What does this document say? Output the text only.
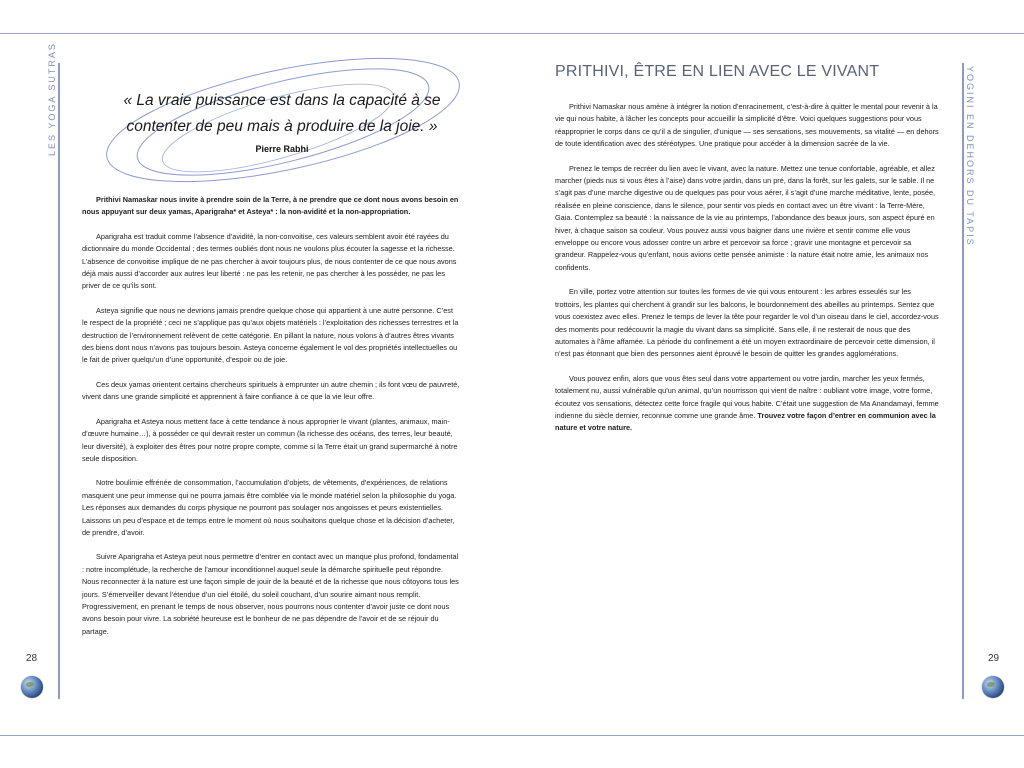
LES YOGA SUTRAS	« La vraie puissance est dans la capacité à se contenter de peu mais à produire de la joie. »
Pierre Rabhi

Prithivi Namaskar nous invite à prendre soin de la Terre, à ne prendre que ce dont nous avons besoin en nous appuyant sur deux yamas, Aparigraha* et Asteya* : la non-avidité et la non-appropriation.

Aparigraha est traduit comme l’absence d’avidité, la non-convoitise, ces valeurs semblent avoir été rayées du dictionnaire du monde Occidental ; des termes oubliés dont nous ne voulons plus écouter la sagesse et la richesse. L’absence de convoitise implique de ne pas chercher à avoir toujours plus, de nous contenter de ce que nous avons déjà mais aussi d’accorder aux autres leur liberté : ne pas les retenir, ne pas chercher à les posséder, ne pas les priver de ce qu’ils sont.

Asteya signifie que nous ne devrions jamais prendre quelque chose qui appartient à une autre personne. C’est le respect de la propriété ; ceci ne s’applique pas qu’aux objets matériels : l’exploitation des richesses terrestres et la destruction de l’environnement relèvent de cette catégorie. En pillant la nature, nous volons à d’autres êtres vivants des biens dont nous n’avons pas toujours besoin. Asteya concerne également le vol des propriétés intellectuelles ou le fait de priver quelqu’un d’une opportunité, d’espoir ou de joie.

Ces deux yamas orientent certains chercheurs spirituels à emprunter un autre chemin ; ils font vœu de pauvreté, vivent dans une grande simplicité et apprennent à faire confiance à ce que la vie leur offre.

Aparigraha et Asteya nous mettent face à cette tendance à nous approprier le vivant (plantes, animaux, main-d’œuvre humaine…), à posséder ce qui devrait rester un commun (la richesse des océans, des terres, leur beauté, leur diversité), à exploiter des êtres pour notre propre compte, comme si la Terre était un grand supermarché à notre seule disposition.

Notre boulimie effrénée de consommation, l’accumulation d’objets, de vêtements, d’expériences, de relations masquent une peur immense qui ne pourra jamais être comblée via le monde matériel selon la philosophie du yoga. Les réponses aux demandes du corps physique ne pourront pas soulager nos angoisses et peurs existentielles. Laissons un peu d’espace et de temps entre le moment où nous souhaitons quelque chose et la décision d’acheter, de prendre, d’avoir.

Suivre Aparigraha et Asteya peut nous permettre d’entrer en contact avec un manque plus profond, fondamental : notre incomplétude, la recherche de l’amour inconditionnel auquel seule la démarche spirituelle peut répondre. Nous reconnecter à la nature est une façon simple de jouir de la beauté et de la richesse que nous côtoyons tous les jours. S’émerveiller devant l’étendue d’un ciel étoilé, du soleil couchant, d’un sourire aimant nous remplit. Progressivement, en prenant le temps de nous observer, nous pourrons nous contenter d’avoir juste ce dont nous avons besoin pour vivre. La sobriété heureuse est le bonheur de ne pas dépendre de l’avoir et de se réjouir du partage.

28
PRITHIVI, ÊTRE EN LIEN AVEC LE VIVANT

Prithivi Namaskar nous amène à intégrer la notion d’enracinement, c’est-à-dire à quitter le mental pour revenir à la vie qui nous habite, à lâcher les concepts pour accueillir la simplicité d’être. Voici quelques suggestions pour vous réapproprier le corps dans ce qu’il a de singulier, d’unique — ses sensations, ses mouvements, sa vitalité — en dehors de toute identification avec des stéréotypes. Une pratique pour accéder à la dimension sacrée de la vie.

Prenez le temps de recréer du lien avec le vivant, avec la nature. Mettez une tenue confortable, agréable, et allez marcher (pieds nus si vous êtes à l’aise) dans votre jardin, dans un pré, dans la forêt, sur les galets, sur le sable. Il ne s’agit pas d’une marche digestive ou de quelques pas pour vous aérer, il s’agit d’une marche méditative, lente, posée, réalisée en pleine conscience, dans le silence, pour sentir vos pieds en contact avec un être vivant : la Terre-Mère, Gaia. Contemplez sa beauté : la naissance de la vie au printemps, l’abondance des beaux jours, son aspect épuré en hiver, à chaque saison sa couleur. Vous pouvez aussi vous baigner dans une rivière et sentir comme elle vous enveloppe ou encore vous adosser contre un arbre et percevoir sa force ; gravir une montagne et percevoir sa grandeur. Rappelez-vous qu’enfant, nous avions cette pensée animiste : la nature était notre amie, les animaux nos confidents.

En ville, portez votre attention sur toutes les formes de vie qui vous entourent : les arbres esseulés sur les trottoirs, les plantes qui cherchent à grandir sur les balcons, le bourdonnement des abeilles au printemps. Sentez que vous coexistez avec elles. Prenez le temps de lever la tête pour regarder le vol d’un oiseau dans le ciel, accordez-vous des moments pour redécouvrir la magie du vivant dans sa simplicité. Sans elle, il ne resterait de nous que des automates à l’âme affamée. La période du confinement a été un moyen extraordinaire de percevoir cette dimension, il n’est pas étonnant que bien des personnes aient éprouvé le besoin de quitter les grandes agglomérations.

Vous pouvez enfin, alors que vous êtes seul dans votre appartement ou votre jardin, marcher les yeux fermés, totalement nu, aussi vulnérable qu’un animal, qu’un nourrisson qui vient de naître : oubliant votre image, votre forme, écoutez vos sensations, détectez cette force fragile qui vous habite. C’était une suggestion de Ma Anandamayi, femme indienne du siècle dernier, reconnue comme une grande âme. Trouvez votre façon d’entrer en communion avec la nature et votre nature.

YOGINI EN DEHORS DU TAPIS
29
